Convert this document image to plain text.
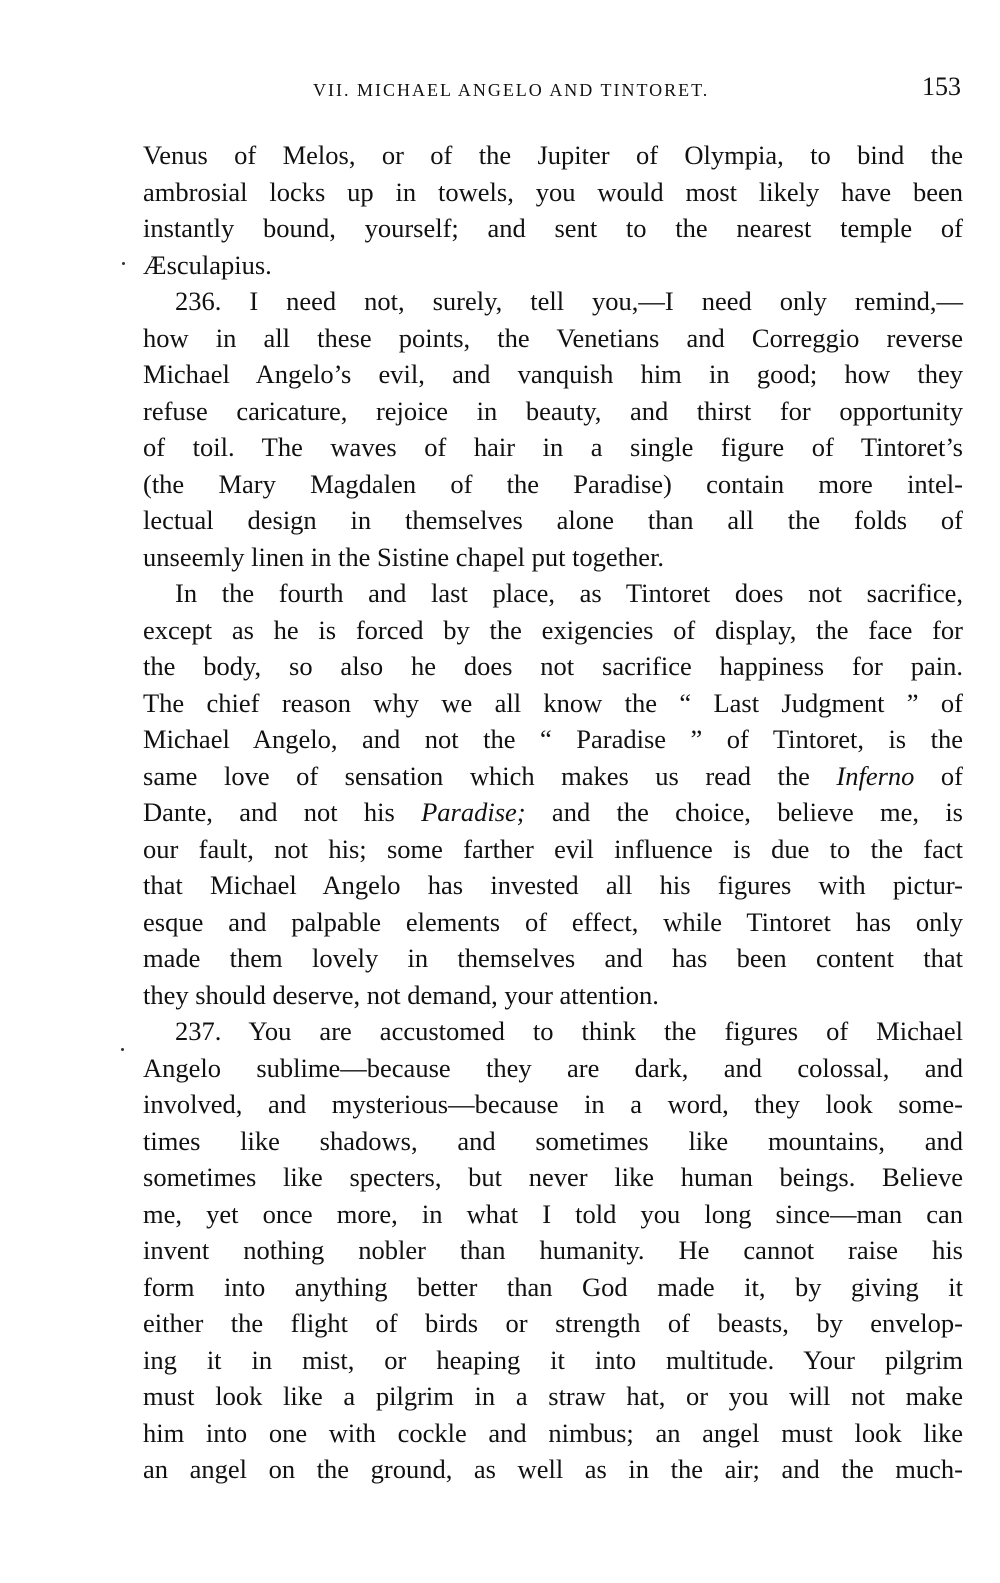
VII. MICHAEL ANGELO AND TINTORET.	153
Venus of Melos, or of the Jupiter of Olympia, to bind the
ambrosial locks up in towels, you would most likely have been
instantly bound, yourself; and sent to the nearest temple of
Æsculapius.
236. I need not, surely, tell you,—I need only remind,—
how in all these points, the Venetians and Correggio reverse
Michael Angelo’s evil, and vanquish him in good; how they
refuse caricature, rejoice in beauty, and thirst for opportunity
of toil. The waves of hair in a single figure of Tintoret’s
(the Mary Magdalen of the Paradise) contain more intel-
lectual design in themselves alone than all the folds of
unseemly linen in the Sistine chapel put together.
In the fourth and last place, as Tintoret does not sacrifice,
except as he is forced by the exigencies of display, the face for
the body, so also he does not sacrifice happiness for pain.
The chief reason why we all know the “ Last Judgment ” of
Michael Angelo, and not the “ Paradise ” of Tintoret, is the
same love of sensation which makes us read the Inferno of
Dante, and not his Paradise; and the choice, believe me, is
our fault, not his; some farther evil influence is due to the fact
that Michael Angelo has invested all his figures with pictur-
esque and palpable elements of effect, while Tintoret has only
made them lovely in themselves and has been content that
they should deserve, not demand, your attention.
237. You are accustomed to think the figures of Michael
Angelo sublime—because they are dark, and colossal, and
involved, and mysterious—because in a word, they look some-
times like shadows, and sometimes like mountains, and
sometimes like specters, but never like human beings. Believe
me, yet once more, in what I told you long since—man can
invent nothing nobler than humanity. He cannot raise his
form into anything better than God made it, by giving it
either the flight of birds or strength of beasts, by envelop-
ing it in mist, or heaping it into multitude. Your pilgrim
must look like a pilgrim in a straw hat, or you will not make
him into one with cockle and nimbus; an angel must look like
an angel on the ground, as well as in the air; and the much-
